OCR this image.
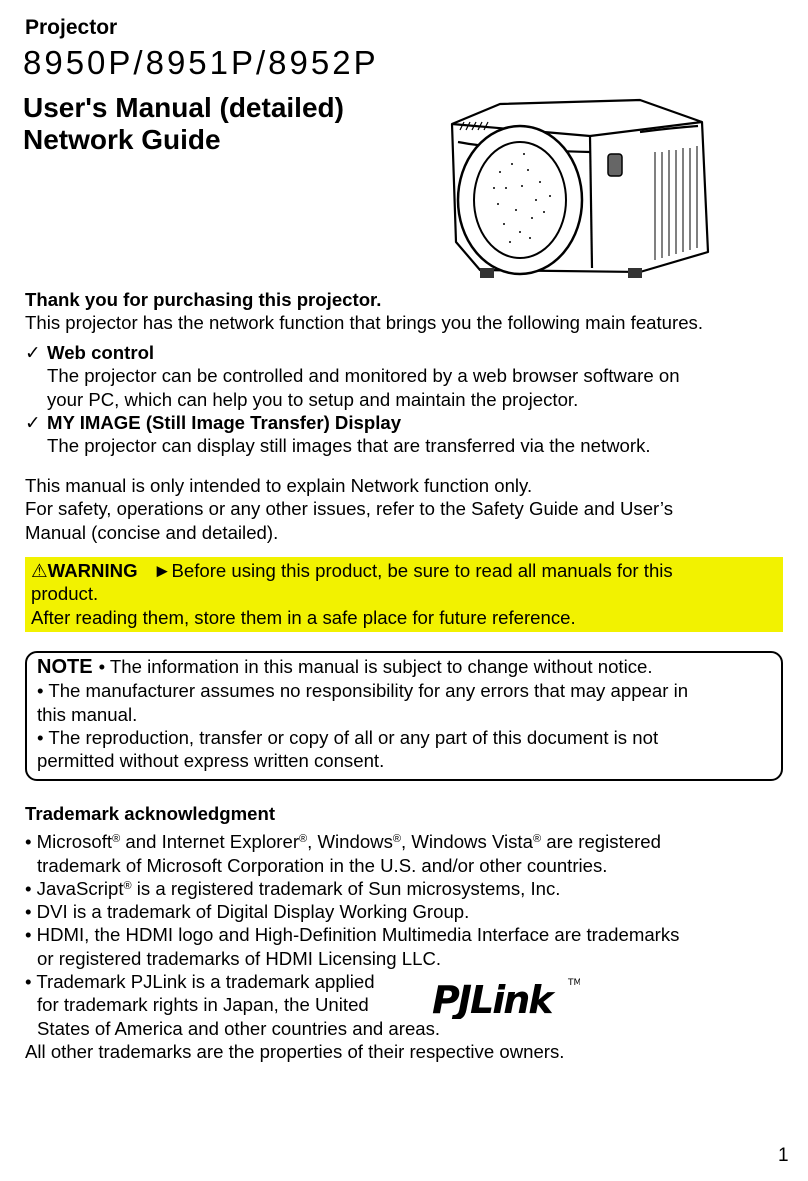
Projector
8950P/8951P/8952P
User's Manual (detailed)
Network Guide
Thank you for purchasing this projector.
This projector has the network function that brings you the following main features.
✓ Web control
The projector can be controlled and monitored by a web browser software on
your PC, which can help you to setup and maintain the projector.
✓ MY IMAGE (Still Image Transfer) Display
The projector can display still images that are transferred via the network.
This manual is only intended to explain Network function only.
For safety, operations or any other issues, refer to the Safety Guide and User’s
Manual (concise and detailed).
⚠WARNING ►Before using this product, be sure to read all manuals for this
product.
After reading them, store them in a safe place for future reference.
NOTE • The information in this manual is subject to change without notice.
• The manufacturer assumes no responsibility for any errors that may appear in
this manual.
• The reproduction, transfer or copy of all or any part of this document is not
permitted without express written consent.
Trademark acknowledgment
• Microsoft® and Internet Explorer®, Windows®, Windows Vista® are registered
trademark of Microsoft Corporation in the U.S. and/or other countries.
• JavaScript® is a registered trademark of Sun microsystems, Inc.
• DVI is a trademark of Digital Display Working Group.
• HDMI, the HDMI logo and High-Definition Multimedia Interface are trademarks
or registered trademarks of HDMI Licensing LLC.
• Trademark PJLink is a trademark applied
for trademark rights in Japan, the United
States of America and other countries and areas.
All other trademarks are the properties of their respective owners.
PJLink	TM
1
